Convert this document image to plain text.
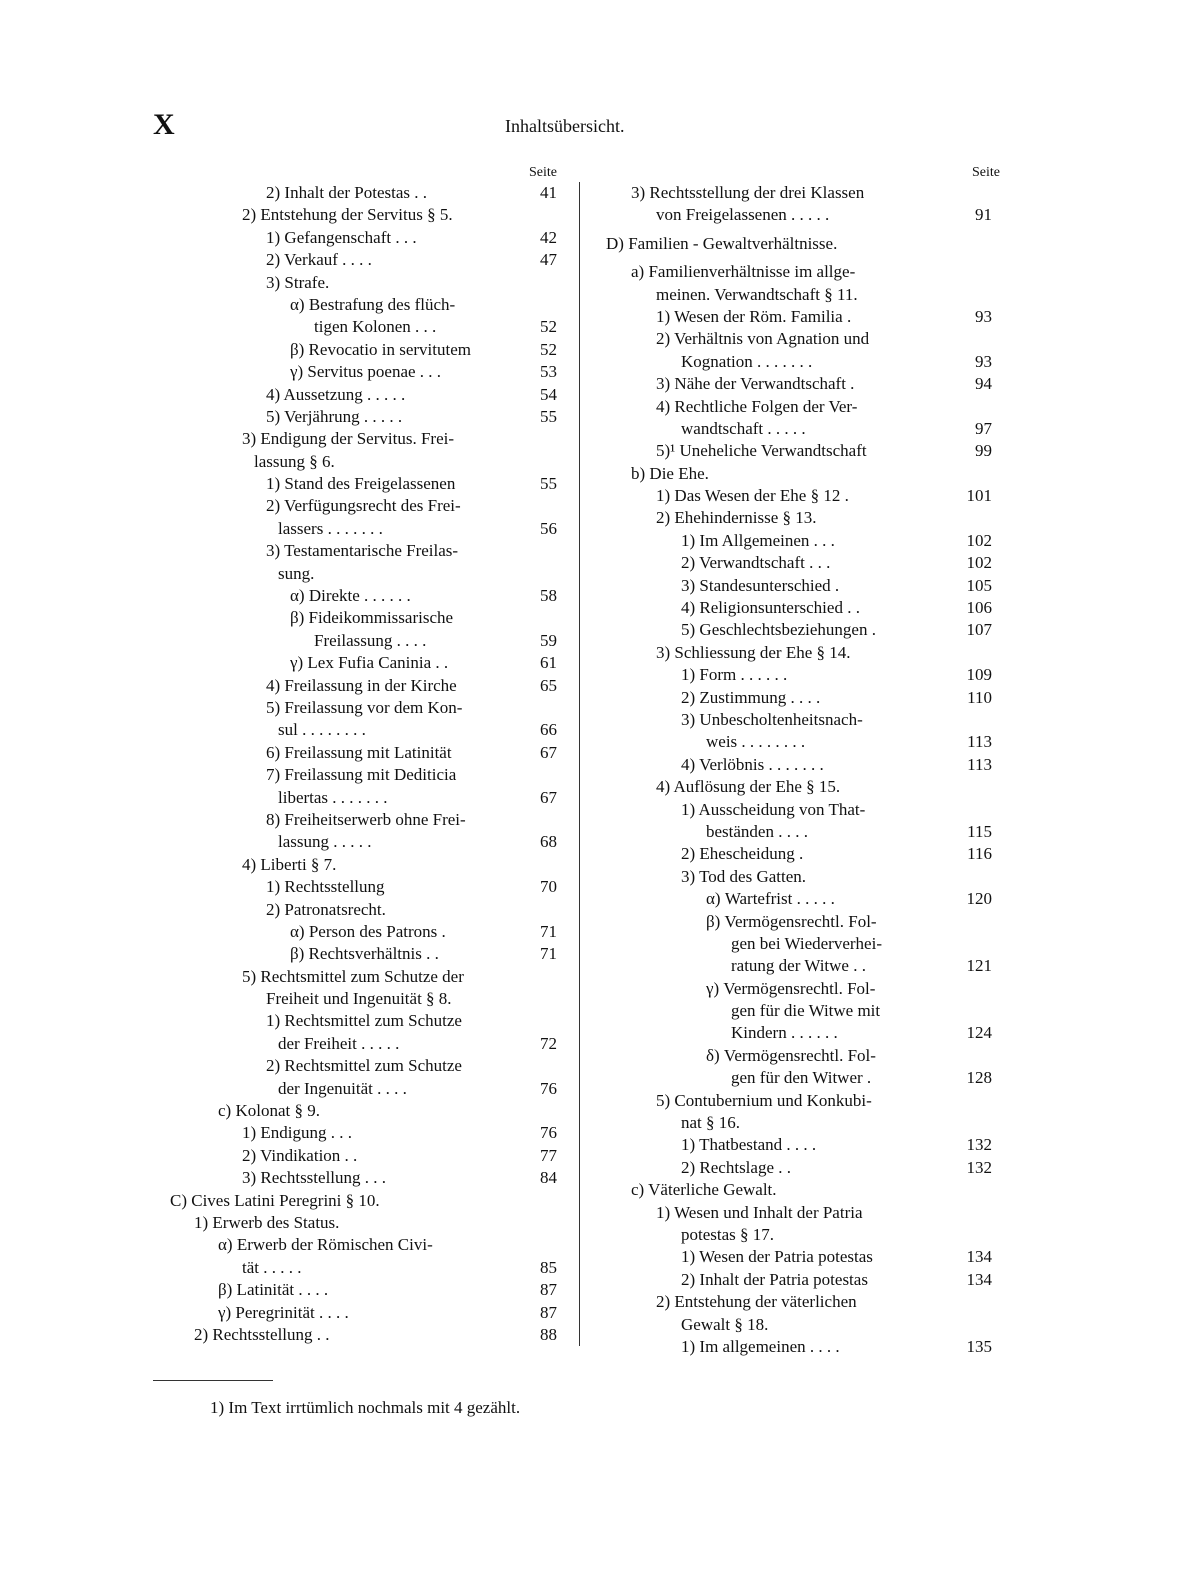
X	Inhaltsübersicht.
Seite
2) Inhalt der Potestas . .	41
2) Entstehung der Servitus § 5.
1) Gefangenschaft . . .	42
2) Verkauf . . . .	47
3) Strafe.
α) Bestrafung des flüch-
tigen Kolonen . . .	52
β) Revocatio in servitutem	52
γ) Servitus poenae . . .	53
4) Aussetzung . . . . .	54
5) Verjährung . . . . .	55
3) Endigung der Servitus. Frei-
lassung § 6.
1) Stand des Freigelassenen	55
2) Verfügungsrecht des Frei-
lassers . . . . . . .	56
3) Testamentarische Freilas-
sung.
α) Direkte . . . . . .	58
β) Fideikommissarische
Freilassung . . . .	59
γ) Lex Fufia Caninia . .	61
4) Freilassung in der Kirche	65
5) Freilassung vor dem Kon-
sul . . . . . . . .	66
6) Freilassung mit Latinität	67
7) Freilassung mit Dediticia
libertas . . . . . . .	67
8) Freiheitserwerb ohne Frei-
lassung . . . . .	68
4) Liberti § 7.
1) Rechtsstellung	70
2) Patronatsrecht.
α) Person des Patrons .	71
β) Rechtsverhältnis . .	71
5) Rechtsmittel zum Schutze der
Freiheit und Ingenuität § 8.
1) Rechtsmittel zum Schutze
der Freiheit . . . . .	72
2) Rechtsmittel zum Schutze
der Ingenuität . . . .	76
c) Kolonat § 9.
1) Endigung . . .	76
2) Vindikation . .	77
3) Rechtsstellung . . .	84
C) Cives Latini Peregrini § 10.
1) Erwerb des Status.
α) Erwerb der Römischen Civi-
tät . . . . .	85
β) Latinität . . . .	87
γ) Peregrinität . . . .	87
2) Rechtsstellung . .	88
Seite
3) Rechtsstellung der drei Klassen
von Freigelassenen . . . . .	91
D) Familien - Gewaltverhältnisse.
a) Familienverhältnisse im allge-
meinen. Verwandtschaft § 11.
1) Wesen der Röm. Familia .	93
2) Verhältnis von Agnation und
Kognation . . . . . . .	93
3) Nähe der Verwandtschaft .	94
4) Rechtliche Folgen der Ver-
wandtschaft . . . . .	97
5)¹ Uneheliche Verwandtschaft	99
b) Die Ehe.
1) Das Wesen der Ehe § 12 .	101
2) Ehehindernisse § 13.
1) Im Allgemeinen . . .	102
2) Verwandtschaft . . .	102
3) Standesunterschied .	105
4) Religionsunterschied . .	106
5) Geschlechtsbeziehungen .	107
3) Schliessung der Ehe § 14.
1) Form . . . . . .	109
2) Zustimmung . . . .	110
3) Unbescholtenheitsnach-
weis . . . . . . . .	113
4) Verlöbnis . . . . . . .	113
4) Auflösung der Ehe § 15.
1) Ausscheidung von That-
beständen . . . .	115
2) Ehescheidung .	116
3) Tod des Gatten.
α) Wartefrist . . . . .	120
β) Vermögensrechtl. Fol-
gen bei Wiederverhei-
ratung der Witwe . .	121
γ) Vermögensrechtl. Fol-
gen für die Witwe mit
Kindern . . . . . .	124
δ) Vermögensrechtl. Fol-
gen für den Witwer .	128
5) Contubernium und Konkubi-
nat § 16.
1) Thatbestand . . . .	132
2) Rechtslage . .	132
c) Väterliche Gewalt.
1) Wesen und Inhalt der Patria
potestas § 17.
1) Wesen der Patria potestas	134
2) Inhalt der Patria potestas	134
2) Entstehung der väterlichen
Gewalt § 18.
1) Im allgemeinen . . . .	135
1) Im Text irrtümlich nochmals mit 4 gezählt.
